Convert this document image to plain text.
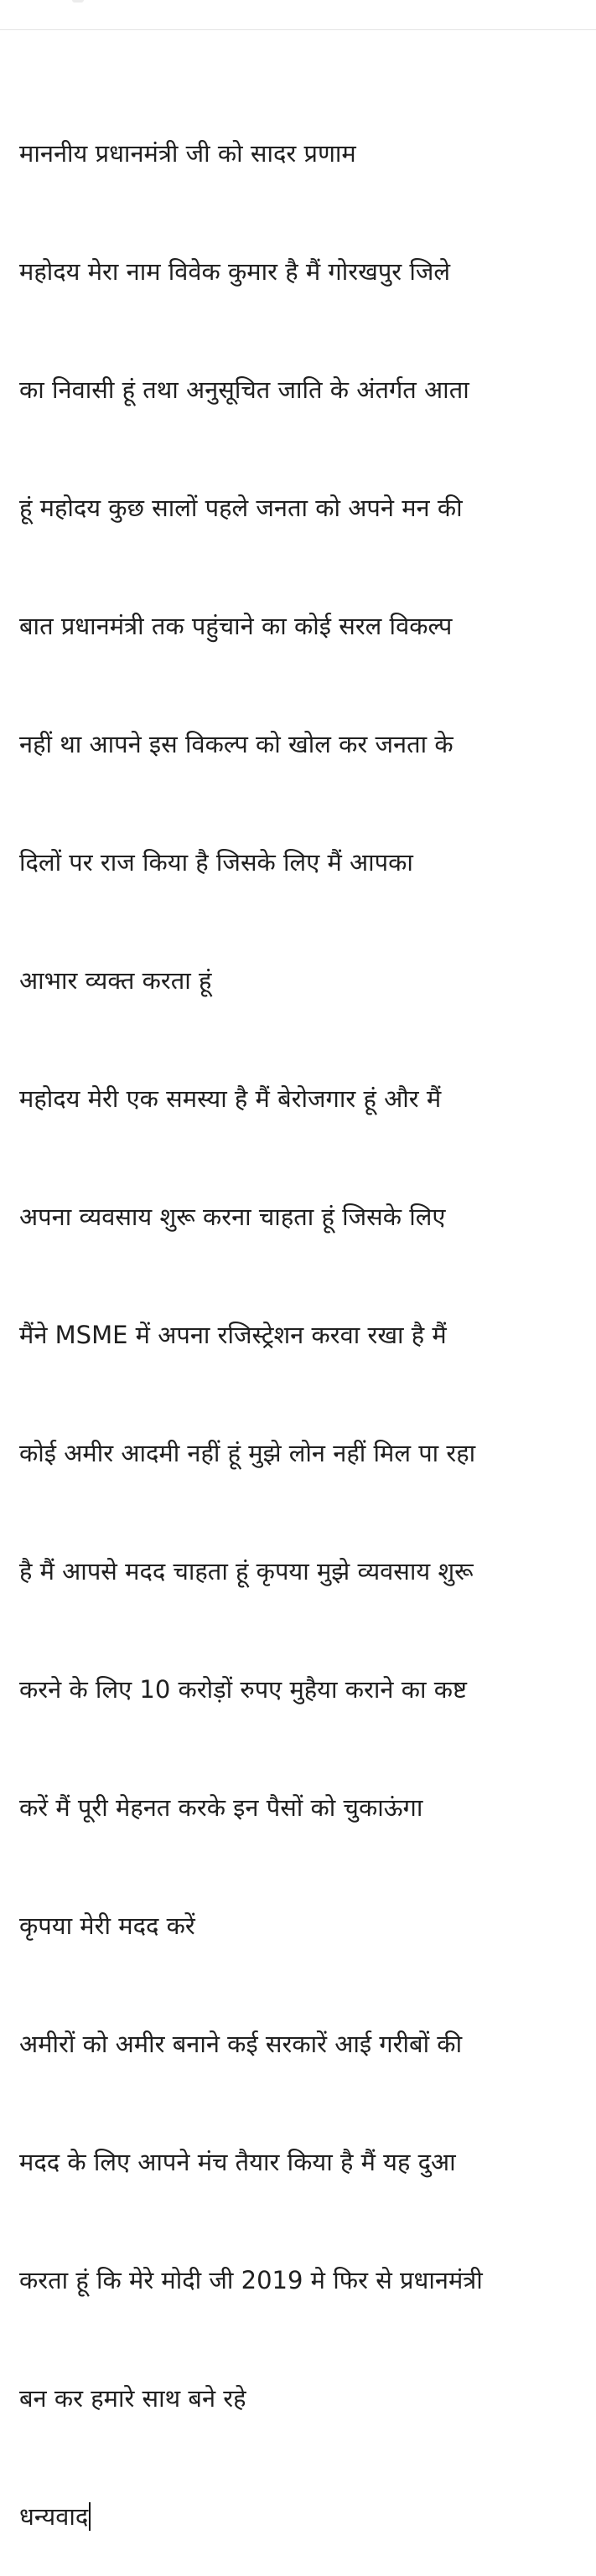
माननीय प्रधानमंत्री जी को सादर प्रणाम

महोदय मेरा नाम विवेक कुमार है मैं गोरखपुर जिले

का निवासी हूं तथा अनुसूचित जाति के अंतर्गत आता

हूं महोदय कुछ सालों पहले जनता को अपने मन की

बात प्रधानमंत्री तक पहुंचाने का कोई सरल विकल्प

नहीं था आपने इस विकल्प को खोल कर जनता के

दिलों पर राज किया है जिसके लिए मैं आपका

आभार व्यक्त करता हूं

महोदय मेरी एक समस्या है मैं बेरोजगार हूं और मैं

अपना व्यवसाय शुरू करना चाहता हूं जिसके लिए

मैंने MSME में अपना रजिस्ट्रेशन करवा रखा है मैं

कोई अमीर आदमी नहीं हूं मुझे लोन नहीं मिल पा रहा

है मैं आपसे मदद चाहता हूं कृपया मुझे व्यवसाय शुरू

करने के लिए 10 करोड़ों रुपए मुहैया कराने का कष्ट

करें मैं पूरी मेहनत करके इन पैसों को चुकाऊंगा

कृपया मेरी मदद करें

अमीरों को अमीर बनाने कई सरकारें आई गरीबों की

मदद के लिए आपने मंच तैयार किया है मैं यह दुआ

करता हूं कि मेरे मोदी जी 2019 मे फिर से प्रधानमंत्री

बन कर हमारे साथ बने रहे

धन्यवाद
